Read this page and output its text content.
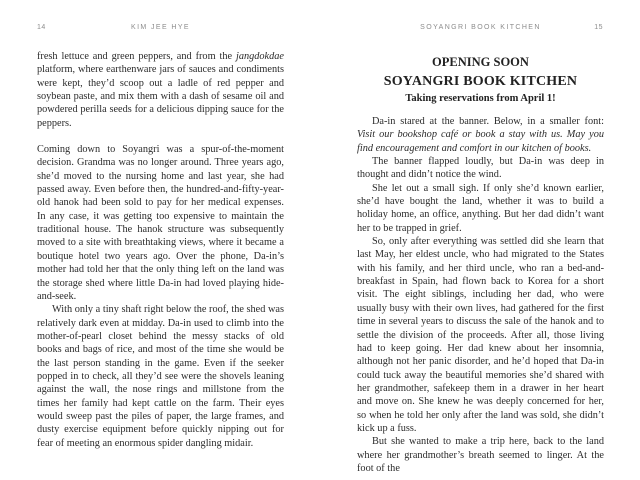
14	KIM JEE HYE

fresh lettuce and green peppers, and from the jangdokdae platform, where earthenware jars of sauces and condiments were kept, they’d scoop out a ladle of red pepper and soybean paste, and mix them with a dash of sesame oil and powdered perilla seeds for a delicious dipping sauce for the peppers.

Coming down to Soyangri was a spur-of-the-moment decision. Grandma was no longer around. Three years ago, she’d moved to the nursing home and last year, she had passed away. Even before then, the hundred-and-fifty-year-old hanok had been sold to pay for her medical expenses. In any case, it was getting too expensive to maintain the traditional house. The hanok structure was subsequently moved to a site with breathtaking views, where it became a boutique hotel two years ago. Over the phone, Da-in’s mother had told her that the only thing left on the land was the storage shed where little Da-in had loved playing hide-and-seek.

With only a tiny shaft right below the roof, the shed was relatively dark even at midday. Da-in used to climb into the mother-of-pearl closet behind the messy stacks of old books and bags of rice, and most of the time she would be the last person standing in the game. Even if the seeker popped in to check, all they’d see were the shovels leaning against the wall, the nose rings and millstone from the times her family had kept cattle on the farm. Their eyes would sweep past the piles of paper, the large frames, and dusty exercise equipment before quickly nipping out for fear of meeting an enormous spider dangling midair.

SOYANGRI BOOK KITCHEN	15

OPENING SOON

SOYANGRI BOOK KITCHEN

Taking reservations from April 1!

Da-in stared at the banner. Below, in a smaller font: Visit our bookshop café or book a stay with us. May you find encouragement and comfort in our kitchen of books.

The banner flapped loudly, but Da-in was deep in thought and didn’t notice the wind.

She let out a small sigh. If only she’d known earlier, she’d have bought the land, whether it was to build a holiday home, an office, anything. But her dad didn’t want her to be trapped in grief.

So, only after everything was settled did she learn that last May, her eldest uncle, who had migrated to the States with his family, and her third uncle, who ran a bed-and-breakfast in Spain, had flown back to Korea for a short visit. The eight siblings, including her dad, who were usually busy with their own lives, had gathered for the first time in several years to discuss the sale of the hanok and to settle the division of the proceeds. After all, those living had to keep going. Her dad knew about her insomnia, although not her panic disorder, and he’d hoped that Da-in could tuck away the beautiful memories she’d shared with her grandmother, safekeep them in a drawer in her heart and move on. She knew he was deeply concerned for her, so when he told her only after the land was sold, she didn’t kick up a fuss.

But she wanted to make a trip here, back to the land where her grandmother’s breath seemed to linger. At the foot of the
